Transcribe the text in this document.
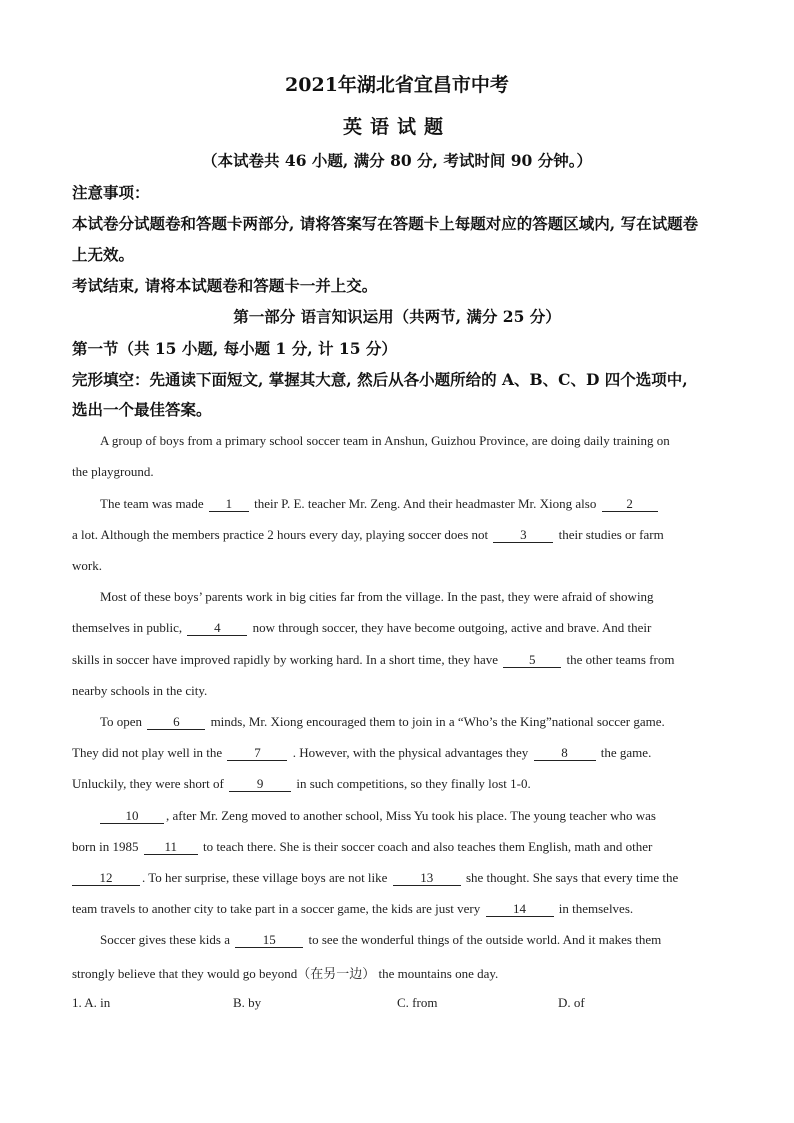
2021年湖北省宜昌市中考
英语试题
（本试卷共 46 小题, 满分 80 分, 考试时间 90 分钟。）
注意事项：
本试卷分试题卷和答题卡两部分, 请将答案写在答题卡上每题对应的答题区域内, 写在试题卷
上无效。
考试结束, 请将本试题卷和答题卡一并上交。
第一部分 语言知识运用（共两节, 满分 25 分）
第一节（共 15 小题, 每小题 1 分, 计 15 分）
完形填空：先通读下面短文, 掌握其大意, 然后从各小题所给的 A、B、C、D 四个选项中,
选出一个最佳答案。
A group of boys from a primary school soccer team in Anshun, Guizhou Province, are doing daily training on
the playground.
The team was made 1 their P. E. teacher Mr. Zeng. And their headmaster Mr. Xiong also 2
a lot. Although the members practice 2 hours every day, playing soccer does not 3 their studies or farm
work.
Most of these boys’ parents work in big cities far from the village. In the past, they were afraid of showing
themselves in public, 4 now through soccer, they have become outgoing, active and brave. And their
skills in soccer have improved rapidly by working hard. In a short time, they have 5 the other teams from
nearby schools in the city.
To open 6 minds, Mr. Xiong encouraged them to join in a “Who’s the King”national soccer game.
They did not play well in the 7 . However, with the physical advantages they	8	the game.
Unluckily, they were short of	9	in such competitions, so they finally lost 1-0.
10 , after Mr. Zeng moved to another school, Miss Yu took his place. The young teacher who was
born in 1985 11 to teach there. She is their soccer coach and also teaches them English, math and other
12 . To her surprise, these village boys are not like	13	she thought. She says that every time the
team travels to another city to take part in a soccer game, the kids are just very	14	in themselves.
Soccer gives these kids a	15	to see the wonderful things of the outside world. And it makes them
strongly believe that they would go beyond（在另一边） the mountains one day.
1. A. in	B. by	C. from	D. of
